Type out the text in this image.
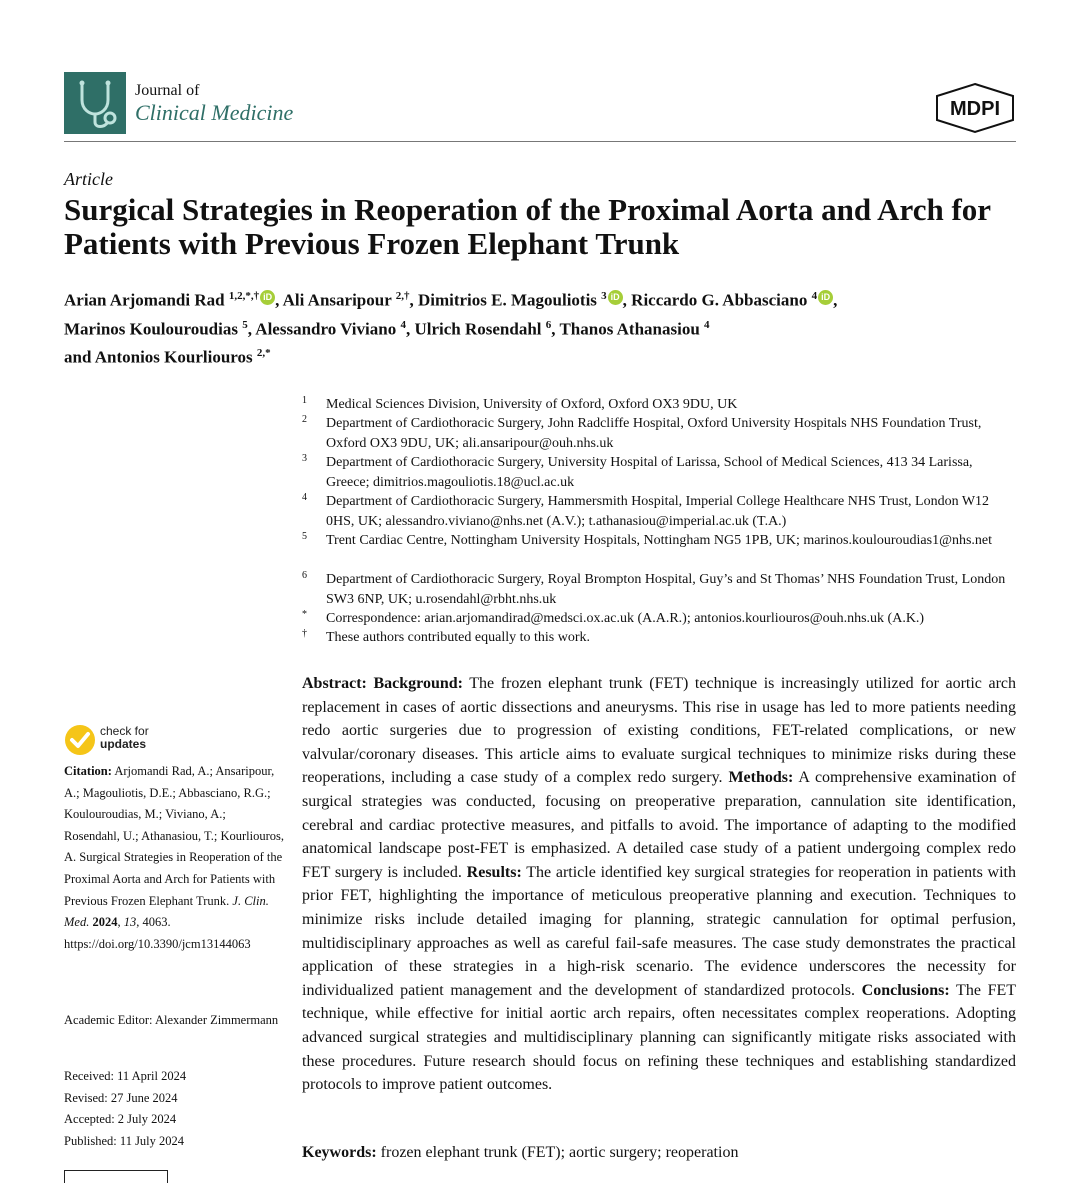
Journal of
Clinical Medicine	MDPI
Article
Surgical Strategies in Reoperation of the Proximal Aorta and Arch for Patients with Previous Frozen Elephant Trunk
Arian Arjomandi Rad $^{1,2,*,\dagger}$ iD , Ali Ansaripour $^{2,\dagger}$, Dimitrios E. Magouliotis $^3$ iD , Riccardo G. Abbasciano $^4$ iD ,
Marinos Koulouroudias $^5$, Alessandro Viviano $^4$, Ulrich Rosendahl $^6$, Thanos Athanasiou $^4$
and Antonios Kourliouros $^{2,*}$
1 Medical Sciences Division, University of Oxford, Oxford OX3 9DU, UK
2 Department of Cardiothoracic Surgery, John Radcliffe Hospital, Oxford University Hospitals NHS Foundation Trust, Oxford OX3 9DU, UK; ali.ansaripour@ouh.nhs.uk
3 Department of Cardiothoracic Surgery, University Hospital of Larissa, School of Medical Sciences, 413 34 Larissa, Greece; dimitrios.magouliotis.18@ucl.ac.uk
4 Department of Cardiothoracic Surgery, Hammersmith Hospital, Imperial College Healthcare NHS Trust, London W12 0HS, UK; alessandro.viviano@nhs.net (A.V.); t.athanasiou@imperial.ac.uk (T.A.)
5 Trent Cardiac Centre, Nottingham University Hospitals, Nottingham NG5 1PB, UK; marinos.koulouroudias1@nhs.net
6 Department of Cardiothoracic Surgery, Royal Brompton Hospital, Guy’s and St Thomas’ NHS Foundation Trust, London SW3 6NP, UK; u.rosendahl@rbht.nhs.uk
* Correspondence: arian.arjomandirad@medsci.ox.ac.uk (A.A.R.); antonios.kourliouros@ouh.nhs.uk (A.K.)
† These authors contributed equally to this work.
Abstract: Background: The frozen elephant trunk (FET) technique is increasingly utilized for aortic arch replacement in cases of aortic dissections and aneurysms. This rise in usage has led to more patients needing redo aortic surgeries due to progression of existing conditions, FET-related complications, or new valvular/coronary diseases. This article aims to evaluate surgical techniques to minimize risks during these reoperations, including a case study of a complex redo surgery. Methods: A comprehensive examination of surgical strategies was conducted, focusing on preoperative preparation, cannulation site identification, cerebral and cardiac protective measures, and pitfalls to avoid. The importance of adapting to the modified anatomical landscape post-FET is emphasized. A detailed case study of a patient undergoing complex redo FET surgery is included. Results: The article identified key surgical strategies for reoperation in patients with prior FET, highlighting the importance of meticulous preoperative planning and execution. Techniques to minimize risks include detailed imaging for planning, strategic cannulation for optimal perfusion, multidisciplinary approaches as well as careful fail-safe measures. The case study demonstrates the practical application of these strategies in a high-risk scenario. The evidence underscores the necessity for individualized patient management and the development of standardized protocols. Conclusions: The FET technique, while effective for initial aortic arch repairs, often necessitates complex reoperations. Adopting advanced surgical strategies and multidisciplinary planning can significantly mitigate risks associated with these procedures. Future research should focus on refining these techniques and establishing standardized protocols to improve patient outcomes.
Keywords: frozen elephant trunk (FET); aortic surgery; reoperation
check for
updates
Citation: Arjomandi Rad, A.; Ansaripour, A.; Magouliotis, D.E.; Abbasciano, R.G.; Koulouroudias, M.; Viviano, A.; Rosendahl, U.; Athanasiou, T.; Kourliouros, A. Surgical Strategies in Reoperation of the Proximal Aorta and Arch for Patients with Previous Frozen Elephant Trunk. J. Clin. Med. 2024, 13, 4063. https://doi.org/10.3390/jcm13144063
Academic Editor: Alexander Zimmermann
Received: 11 April 2024
Revised: 27 June 2024
Accepted: 2 July 2024
Published: 11 July 2024
